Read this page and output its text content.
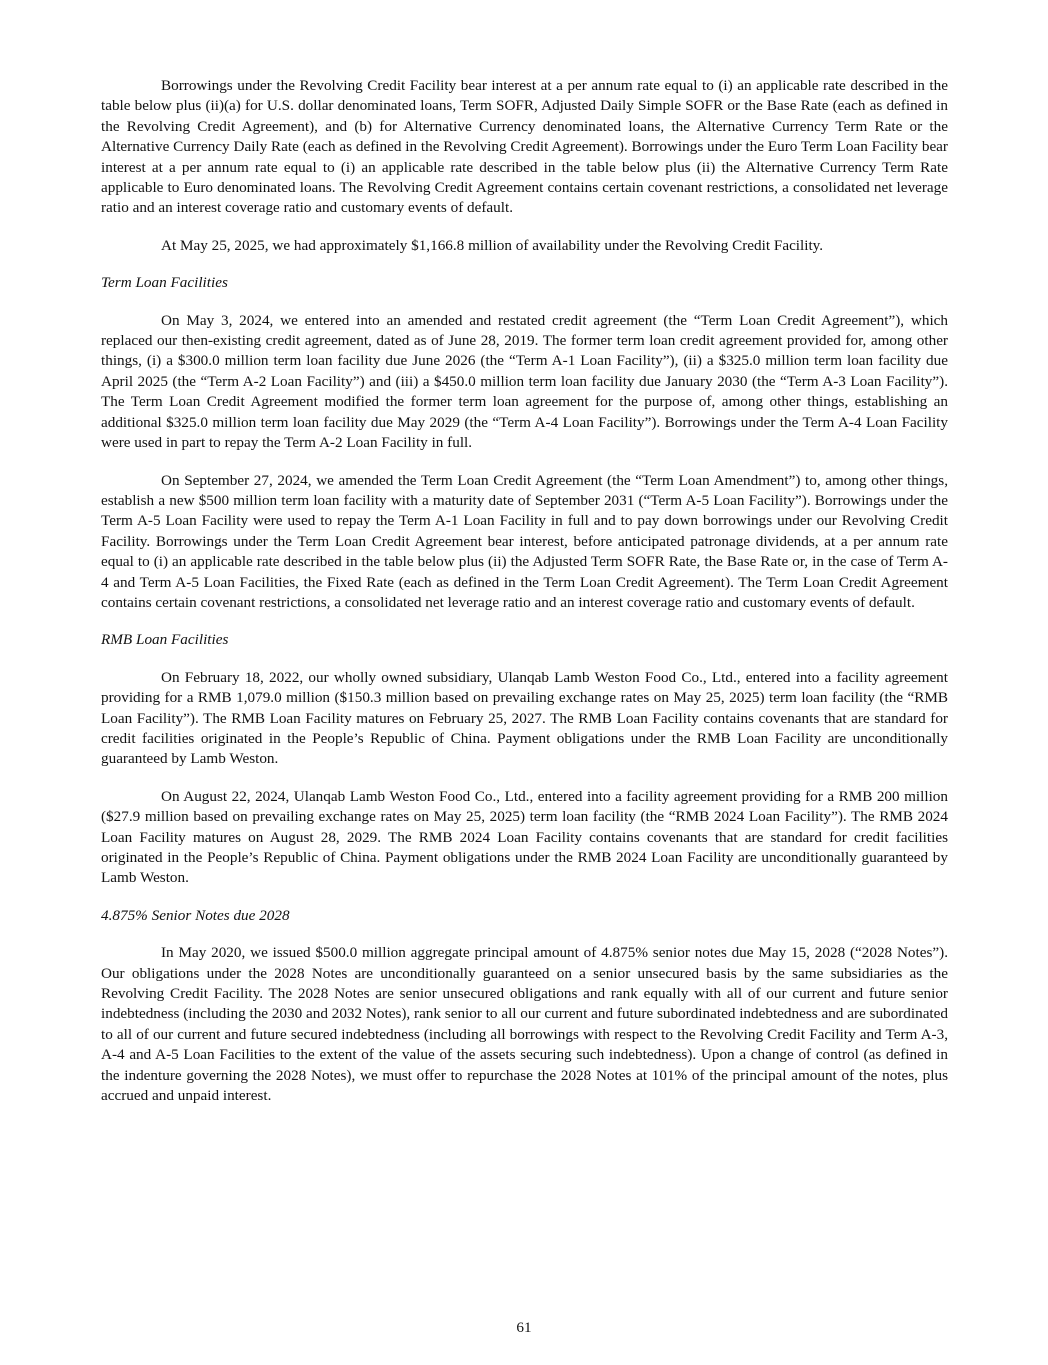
Borrowings under the Revolving Credit Facility bear interest at a per annum rate equal to (i) an applicable rate described in the table below plus (ii)(a) for U.S. dollar denominated loans, Term SOFR, Adjusted Daily Simple SOFR or the Base Rate (each as defined in the Revolving Credit Agreement), and (b) for Alternative Currency denominated loans, the Alternative Currency Term Rate or the Alternative Currency Daily Rate (each as defined in the Revolving Credit Agreement). Borrowings under the Euro Term Loan Facility bear interest at a per annum rate equal to (i) an applicable rate described in the table below plus (ii) the Alternative Currency Term Rate applicable to Euro denominated loans. The Revolving Credit Agreement contains certain covenant restrictions, a consolidated net leverage ratio and an interest coverage ratio and customary events of default.

At May 25, 2025, we had approximately $1,166.8 million of availability under the Revolving Credit Facility.

Term Loan Facilities

On May 3, 2024, we entered into an amended and restated credit agreement (the “Term Loan Credit Agreement”), which replaced our then-existing credit agreement, dated as of June 28, 2019. The former term loan credit agreement provided for, among other things, (i) a $300.0 million term loan facility due June 2026 (the “Term A-1 Loan Facility”), (ii) a $325.0 million term loan facility due April 2025 (the “Term A-2 Loan Facility”) and (iii) a $450.0 million term loan facility due January 2030 (the “Term A-3 Loan Facility”). The Term Loan Credit Agreement modified the former term loan agreement for the purpose of, among other things, establishing an additional $325.0 million term loan facility due May 2029 (the “Term A-4 Loan Facility”). Borrowings under the Term A-4 Loan Facility were used in part to repay the Term A-2 Loan Facility in full.

On September 27, 2024, we amended the Term Loan Credit Agreement (the “Term Loan Amendment”) to, among other things, establish a new $500 million term loan facility with a maturity date of September 2031 (“Term A-5 Loan Facility”). Borrowings under the Term A-5 Loan Facility were used to repay the Term A-1 Loan Facility in full and to pay down borrowings under our Revolving Credit Facility. Borrowings under the Term Loan Credit Agreement bear interest, before anticipated patronage dividends, at a per annum rate equal to (i) an applicable rate described in the table below plus (ii) the Adjusted Term SOFR Rate, the Base Rate or, in the case of Term A-4 and Term A-5 Loan Facilities, the Fixed Rate (each as defined in the Term Loan Credit Agreement). The Term Loan Credit Agreement contains certain covenant restrictions, a consolidated net leverage ratio and an interest coverage ratio and customary events of default.

RMB Loan Facilities

On February 18, 2022, our wholly owned subsidiary, Ulanqab Lamb Weston Food Co., Ltd., entered into a facility agreement providing for a RMB 1,079.0 million ($150.3 million based on prevailing exchange rates on May 25, 2025) term loan facility (the “RMB Loan Facility”). The RMB Loan Facility matures on February 25, 2027. The RMB Loan Facility contains covenants that are standard for credit facilities originated in the People’s Republic of China. Payment obligations under the RMB Loan Facility are unconditionally guaranteed by Lamb Weston.

On August 22, 2024, Ulanqab Lamb Weston Food Co., Ltd., entered into a facility agreement providing for a RMB 200 million ($27.9 million based on prevailing exchange rates on May 25, 2025) term loan facility (the “RMB 2024 Loan Facility”). The RMB 2024 Loan Facility matures on August 28, 2029. The RMB 2024 Loan Facility contains covenants that are standard for credit facilities originated in the People’s Republic of China. Payment obligations under the RMB 2024 Loan Facility are unconditionally guaranteed by Lamb Weston.

4.875% Senior Notes due 2028

In May 2020, we issued $500.0 million aggregate principal amount of 4.875% senior notes due May 15, 2028 (“2028 Notes”). Our obligations under the 2028 Notes are unconditionally guaranteed on a senior unsecured basis by the same subsidiaries as the Revolving Credit Facility. The 2028 Notes are senior unsecured obligations and rank equally with all of our current and future senior indebtedness (including the 2030 and 2032 Notes), rank senior to all our current and future subordinated indebtedness and are subordinated to all of our current and future secured indebtedness (including all borrowings with respect to the Revolving Credit Facility and Term A-3, A-4 and A-5 Loan Facilities to the extent of the value of the assets securing such indebtedness). Upon a change of control (as defined in the indenture governing the 2028 Notes), we must offer to repurchase the 2028 Notes at 101% of the principal amount of the notes, plus accrued and unpaid interest.

61
